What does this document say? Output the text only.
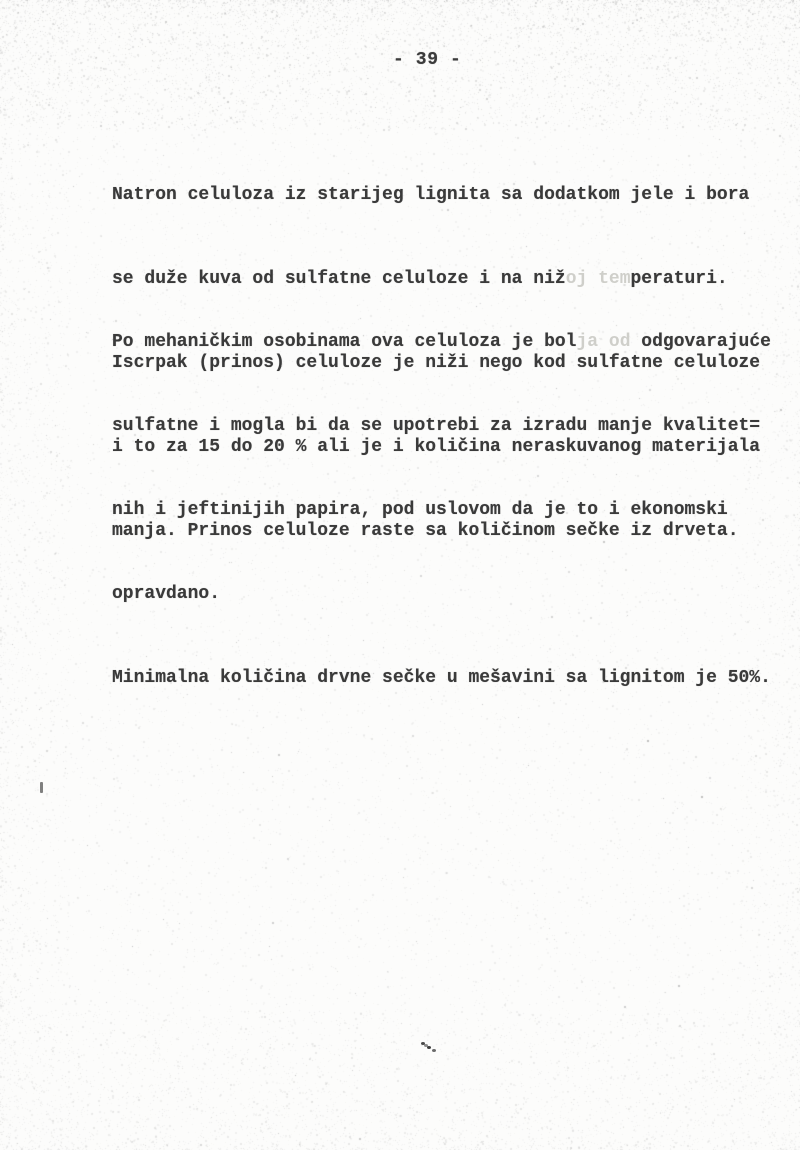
- 39 -

Natron celuloza iz starijeg lignita sa dodatkom jele i bora

se duže kuva od sulfatne celuloze i na nižoj temperaturi.

Iscrpak (prinos) celuloze je niži nego kod sulfatne celuloze

i to za 15 do 20 % ali je i količina neraskuvanog materijala

manja. Prinos celuloze raste sa količinom sečke iz drveta.

Po mehaničkim osobinama ova celuloza je bolja od odgovarajuće

sulfatne i mogla bi da se upotrebi za izradu manje kvalitet=

nih i jeftinijih papira, pod uslovom da je to i ekonomski

opravdano.

Minimalna količina drvne sečke u mešavini sa lignitom je 50%.
